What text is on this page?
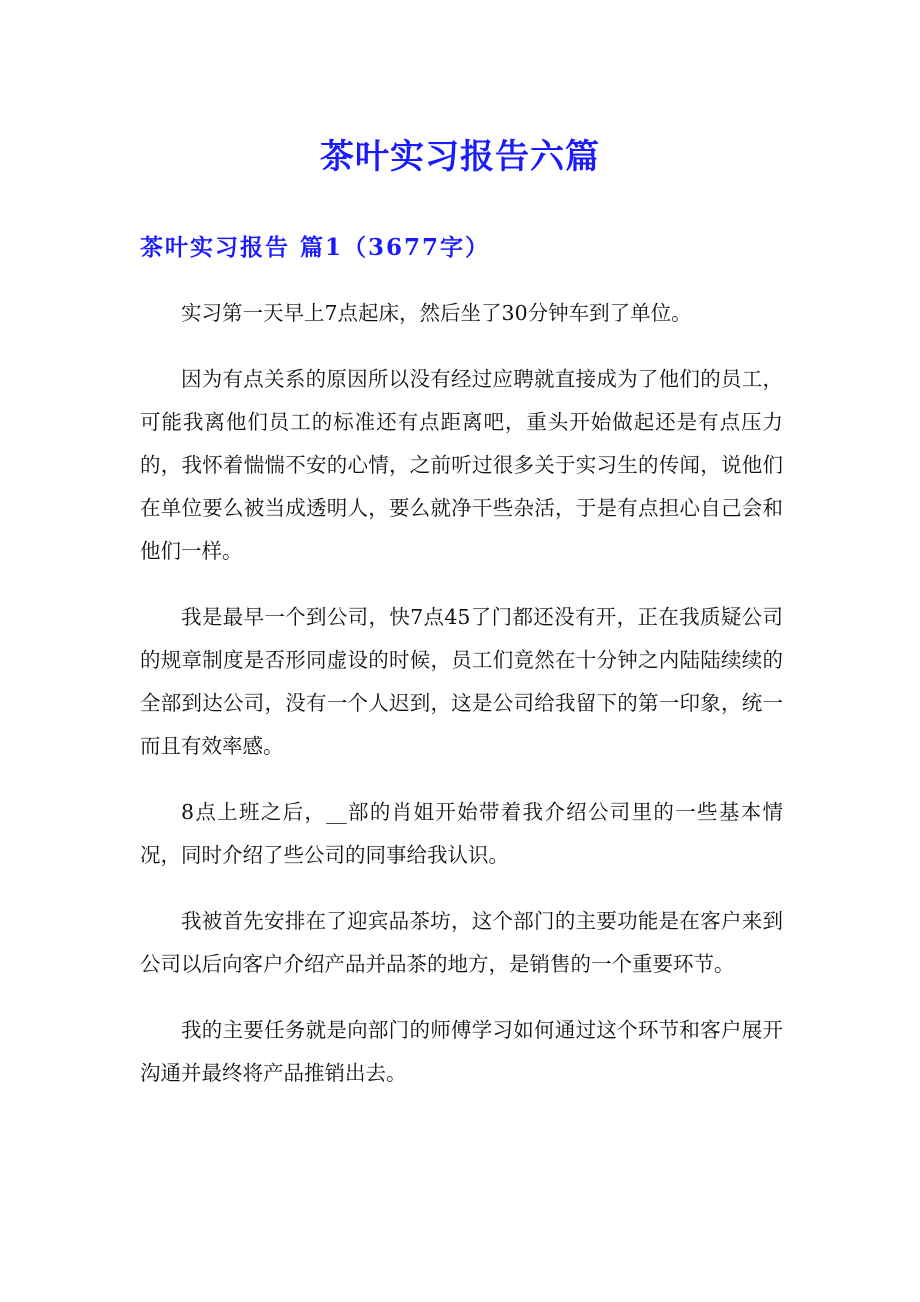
茶叶实习报告六篇
茶叶实习报告 篇1（3677字）

实习第一天早上7点起床，然后坐了30分钟车到了单位。

因为有点关系的原因所以没有经过应聘就直接成为了他们的员工，可能我离他们员工的标准还有点距离吧，重头开始做起还是有点压力的，我怀着惴惴不安的心情，之前听过很多关于实习生的传闻，说他们在单位要么被当成透明人，要么就净干些杂活，于是有点担心自己会和他们一样。

我是最早一个到公司，快7点45了门都还没有开，正在我质疑公司的规章制度是否形同虚设的时候，员工们竟然在十分钟之内陆陆续续的全部到达公司，没有一个人迟到，这是公司给我留下的第一印象，统一而且有效率感。

8点上班之后，__部的肖姐开始带着我介绍公司里的一些基本情况，同时介绍了些公司的同事给我认识。

我被首先安排在了迎宾品茶坊，这个部门的主要功能是在客户来到公司以后向客户介绍产品并品茶的地方，是销售的一个重要环节。

我的主要任务就是向部门的师傅学习如何通过这个环节和客户展开沟通并最终将产品推销出去。
